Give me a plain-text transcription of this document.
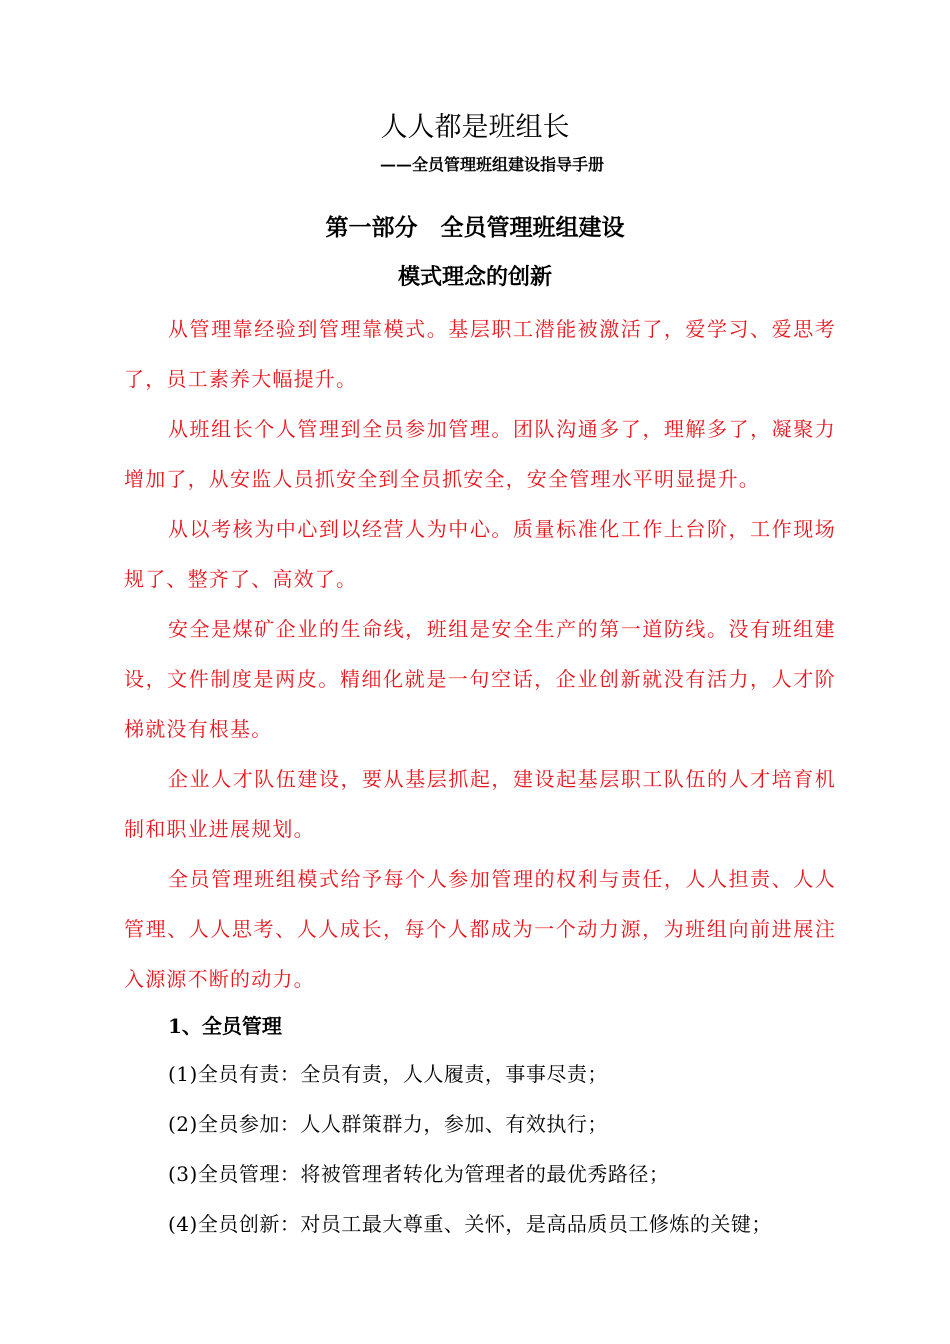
人人都是班组长
——全员管理班组建设指导手册
第一部分　全员管理班组建设
模式理念的创新

从管理靠经验到管理靠模式。基层职工潜能被激活了，爱学习、爱思考了，员工素养大幅提升。

从班组长个人管理到全员参加管理。团队沟通多了，理解多了，凝聚力增加了，从安监人员抓安全到全员抓安全，安全管理水平明显提升。

从以考核为中心到以经营人为中心。质量标准化工作上台阶，工作现场规了、整齐了、高效了。

安全是煤矿企业的生命线，班组是安全生产的第一道防线。没有班组建设，文件制度是两皮。精细化就是一句空话，企业创新就没有活力，人才阶梯就没有根基。

企业人才队伍建设，要从基层抓起，建设起基层职工队伍的人才培育机制和职业进展规划。

全员管理班组模式给予每个人参加管理的权利与责任，人人担责、人人管理、人人思考、人人成长，每个人都成为一个动力源，为班组向前进展注入源源不断的动力。

1、全员管理
(1)全员有责：全员有责，人人履责，事事尽责；
(2)全员参加：人人群策群力，参加、有效执行；
(3)全员管理：将被管理者转化为管理者的最优秀路径；
(4)全员创新：对员工最大尊重、关怀，是高品质员工修炼的关键；
